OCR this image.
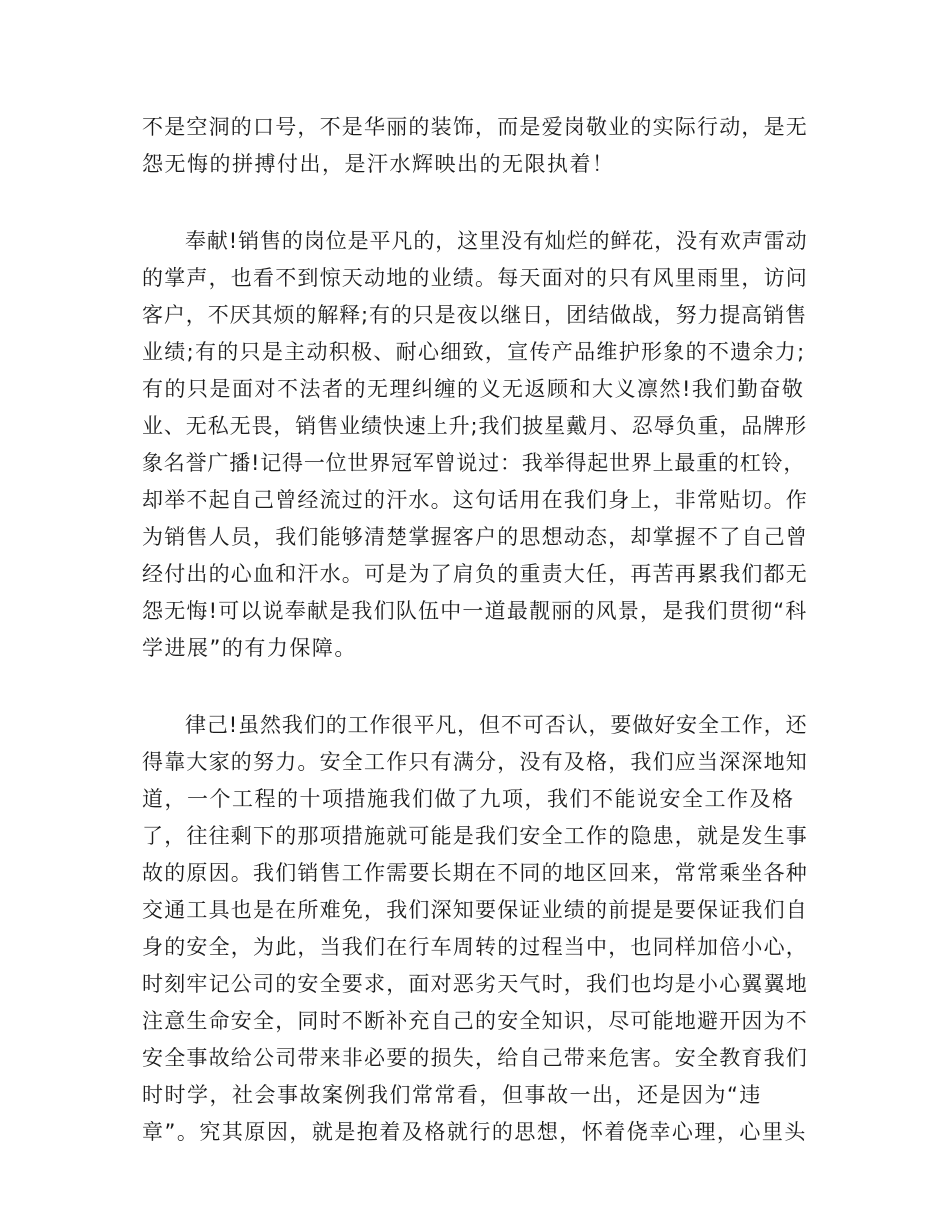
不是空洞的口号，不是华丽的装饰，而是爱岗敬业的实际行动，是无
怨无悔的拼搏付出，是汗水辉映出的无限执着！
奉献!销售的岗位是平凡的，这里没有灿烂的鲜花，没有欢声雷动
的掌声，也看不到惊天动地的业绩。每天面对的只有风里雨里，访问
客户，不厌其烦的解释;有的只是夜以继日，团结做战，努力提高销售
业绩;有的只是主动积极、耐心细致，宣传产品维护形象的不遗余力;
有的只是面对不法者的无理纠缠的义无返顾和大义凛然!我们勤奋敬
业、无私无畏，销售业绩快速上升;我们披星戴月、忍辱负重，品牌形
象名誉广播!记得一位世界冠军曾说过：我举得起世界上最重的杠铃，
却举不起自己曾经流过的汗水。这句话用在我们身上，非常贴切。作
为销售人员，我们能够清楚掌握客户的思想动态，却掌握不了自己曾
经付出的心血和汗水。可是为了肩负的重责大任，再苦再累我们都无
怨无悔!可以说奉献是我们队伍中一道最靓丽的风景，是我们贯彻“科
学进展”的有力保障。
律己!虽然我们的工作很平凡，但不可否认，要做好安全工作，还
得靠大家的努力。安全工作只有满分，没有及格，我们应当深深地知
道，一个工程的十项措施我们做了九项，我们不能说安全工作及格
了，往往剩下的那项措施就可能是我们安全工作的隐患，就是发生事
故的原因。我们销售工作需要长期在不同的地区回来，常常乘坐各种
交通工具也是在所难免，我们深知要保证业绩的前提是要保证我们自
身的安全，为此，当我们在行车周转的过程当中，也同样加倍小心，
时刻牢记公司的安全要求，面对恶劣天气时，我们也均是小心翼翼地
注意生命安全，同时不断补充自己的安全知识，尽可能地避开因为不
安全事故给公司带来非必要的损失，给自己带来危害。安全教育我们
时时学，社会事故案例我们常常看，但事故一出，还是因为“违
章”。究其原因，就是抱着及格就行的思想，怀着侥幸心理，心里头
